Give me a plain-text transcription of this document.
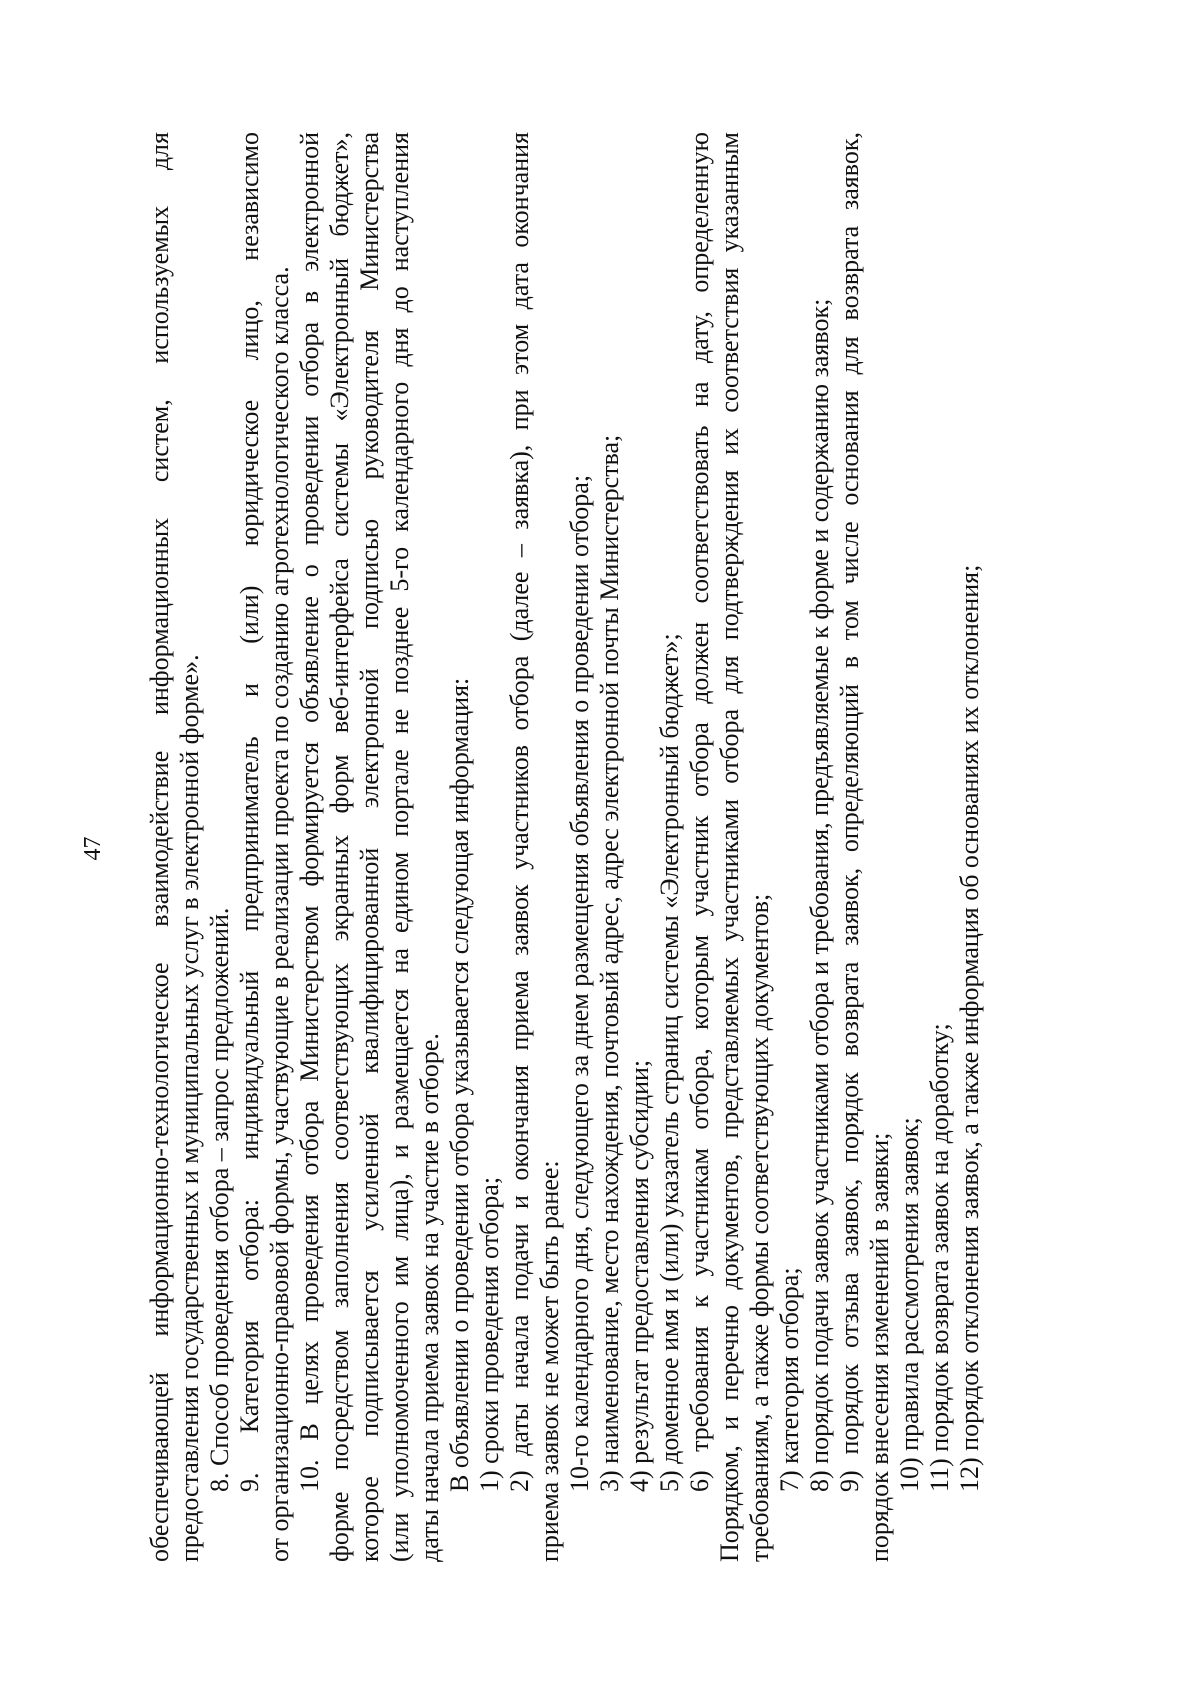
47 обеспечивающей информационно-технологическое взаимодействие информационных систем, используемых для предоставления государственных и муниципальных услуг в электронной форме». 8. Способ проведения отбора – запрос предложений. 9. Категория отбора: индивидуальный предприниматель и (или) юридическое лицо, независимо от организационно-правовой формы, участвующие в реализации проекта по созданию агротехнологического класса. 10. В целях проведения отбора Министерством формируется объявление о проведении отбора в электронной форме посредством заполнения соответствующих экранных форм веб-интерфейса системы «Электронный бюджет», которое подписывается усиленной квалифицированной электронной подписью руководителя Министерства (или уполномоченного им лица), и размещается на едином портале не позднее 5-го календарного дня до наступления даты начала приема заявок на участие в отборе. В объявлении о проведении отбора указывается следующая информация: 1) сроки проведения отбора; 2) даты начала подачи и окончания приема заявок участников отбора (далее – заявка), при этом дата окончания приема заявок не может быть ранее: 10-го календарного дня, следующего за днем размещения объявления о проведении отбора; 3) наименование, место нахождения, почтовый адрес, адрес электронной почты Министерства; 4) результат предоставления субсидии; 5) доменное имя и (или) указатель страниц системы «Электронный бюджет»; 6) требования к участникам отбора, которым участник отбора должен соответствовать на дату, определенную Порядком, и перечню документов, представляемых участниками отбора для подтверждения их соответствия указанным требованиям, а также формы соответствующих документов; 7) категория отбора; 8) порядок подачи заявок участниками отбора и требования, предъявляемые к форме и содержанию заявок; 9) порядок отзыва заявок, порядок возврата заявок, определяющий в том числе основания для возврата заявок, порядок внесения изменений в заявки; 10) правила рассмотрения заявок; 11) порядок возврата заявок на доработку; 12) порядок отклонения заявок, а также информация об основаниях их отклонения;
